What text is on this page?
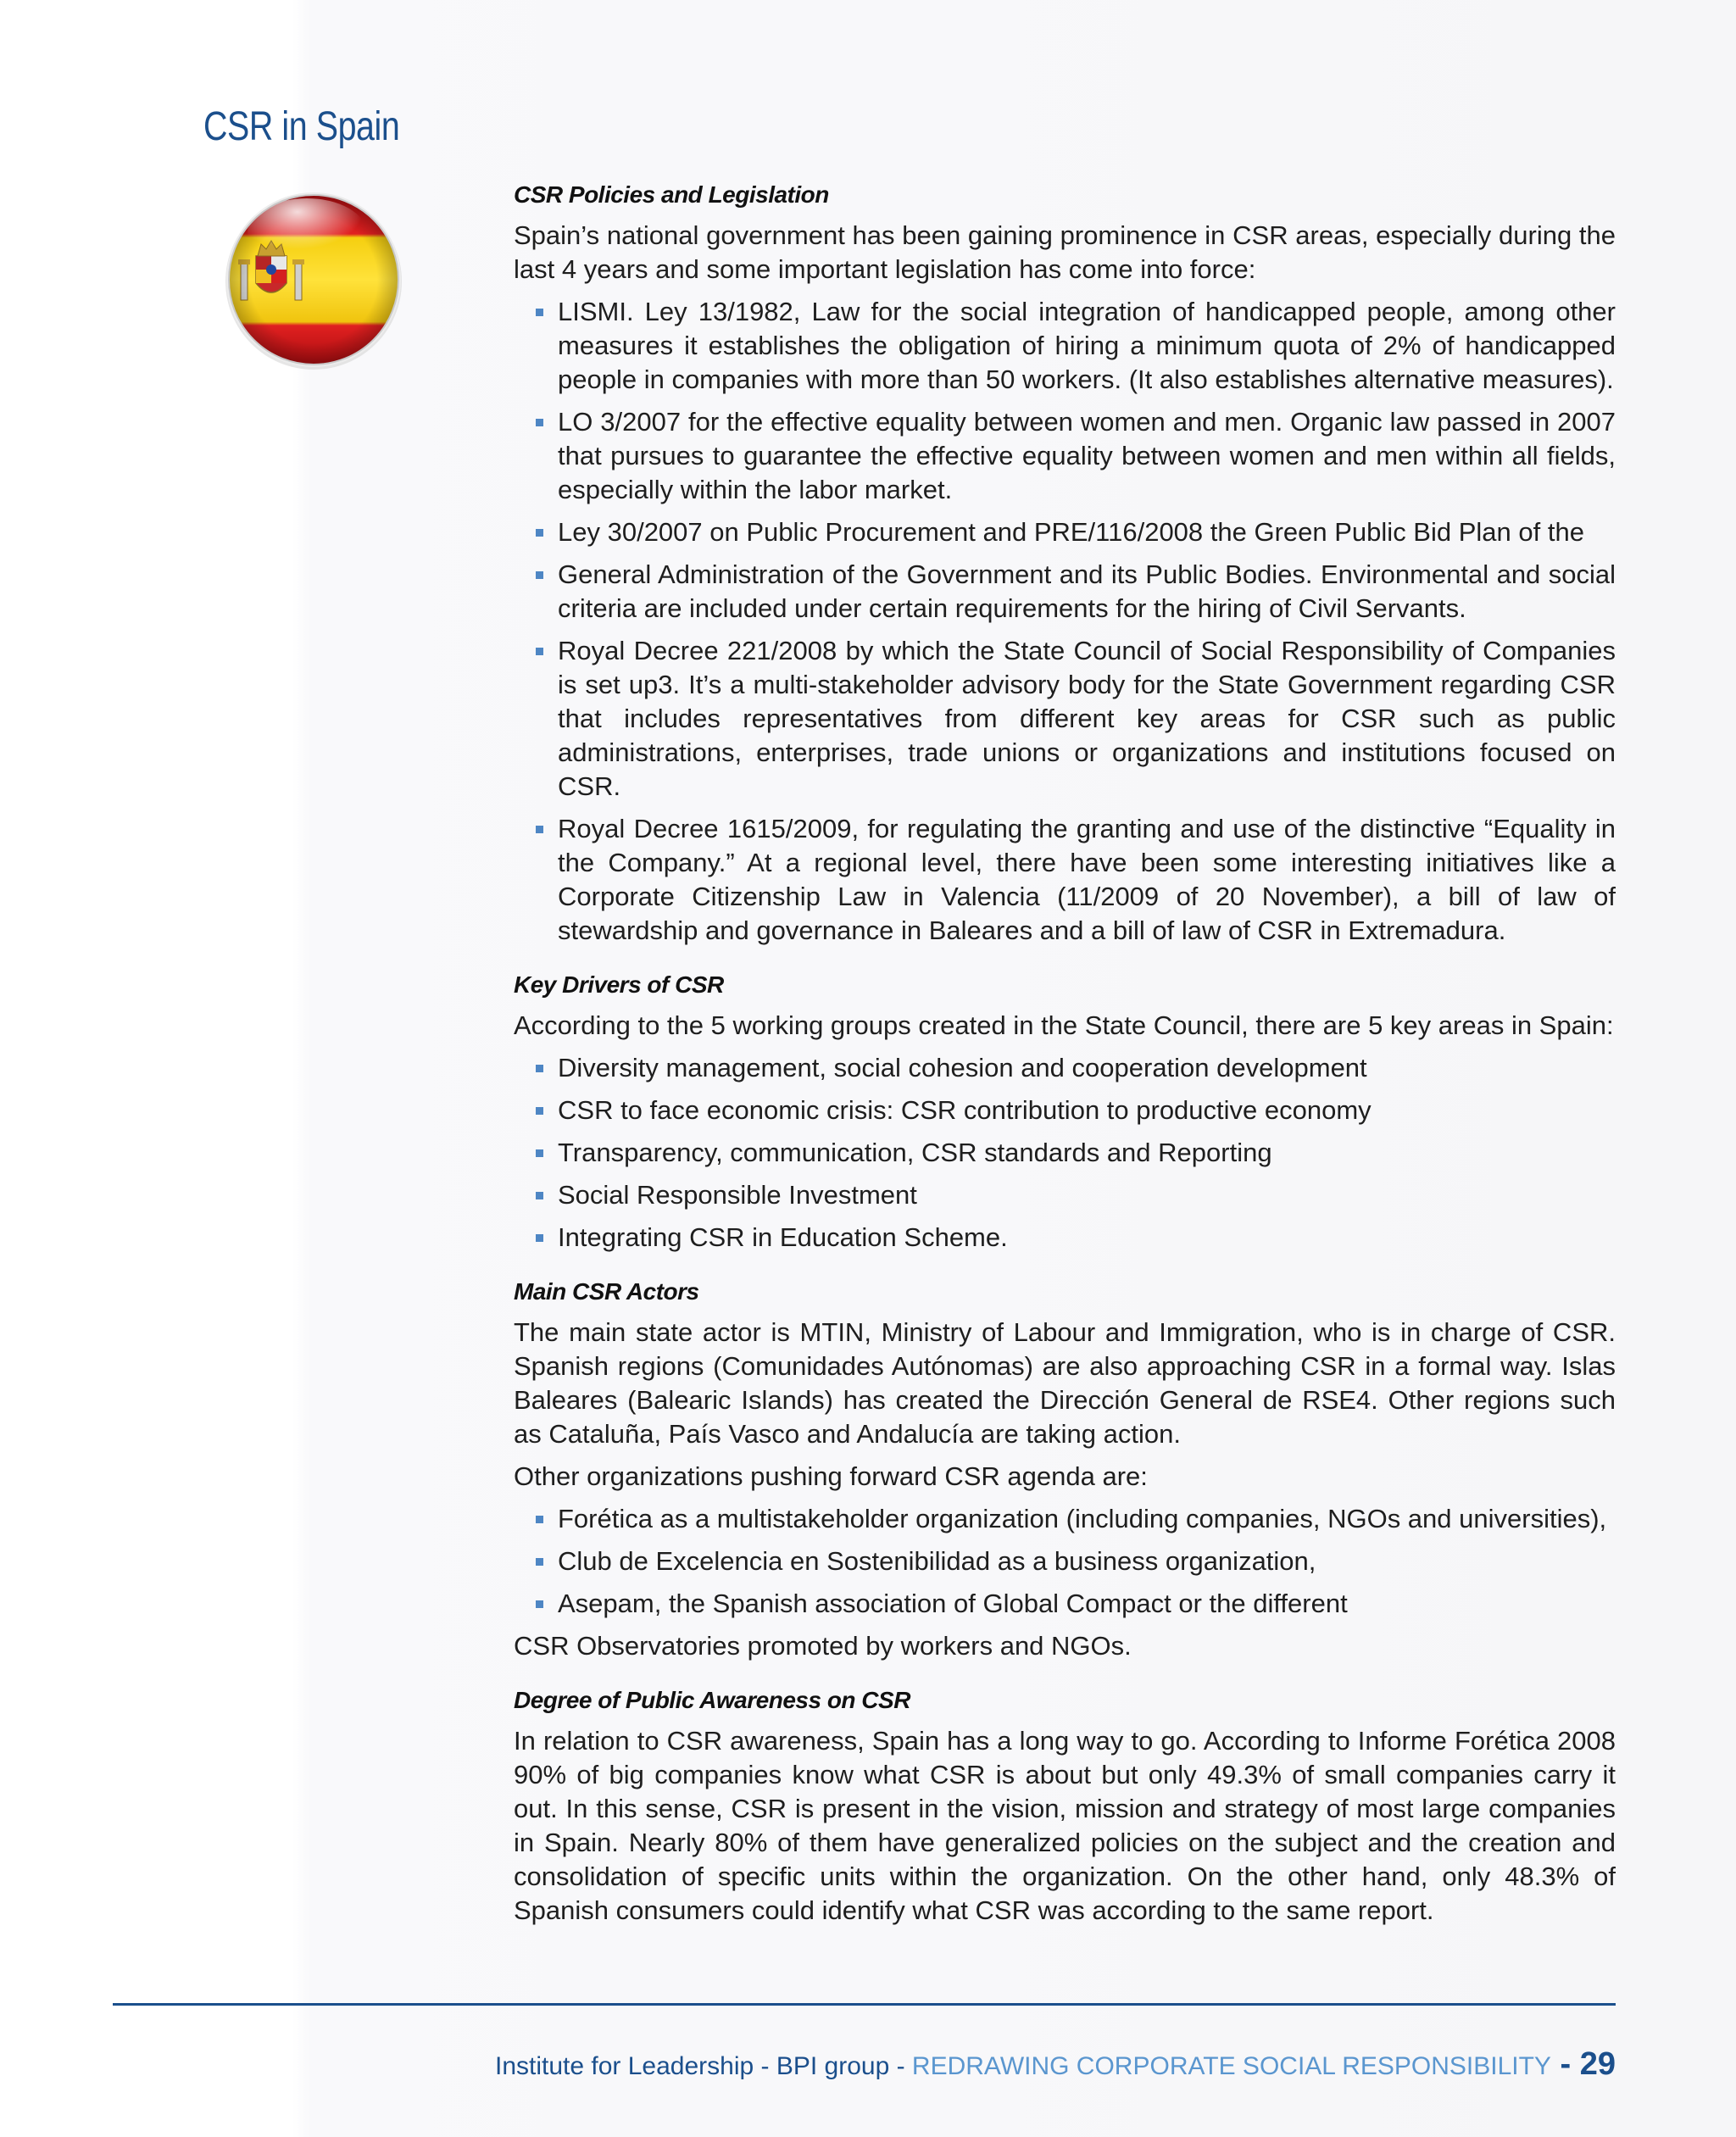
CSR in Spain
CSR Policies and Legislation

Spain’s national government has been gaining prominence in CSR areas, especially during the last 4 years and some important legislation has come into force:

LISMI. Ley 13/1982, Law for the social integration of handicapped people, among other measures it establishes the obligation of hiring a minimum quota of 2% of handicapped people in companies with more than 50 workers. (It also establishes alternative measures).
LO 3/2007 for the effective equality between women and men. Organic law passed in 2007 that pursues to guarantee the effective equality between women and men within all fields, especially within the labor market.
Ley 30/2007 on Public Procurement and PRE/116/2008 the Green Public Bid Plan of the
General Administration of the Government and its Public Bodies. Environmental and social criteria are included under certain requirements for the hiring of Civil Servants.
Royal Decree 221/2008 by which the State Council of Social Responsibility of Companies is set up3. It’s a multi-stakeholder advisory body for the State Government regarding CSR that includes representatives from different key areas for CSR such as public administrations, enterprises, trade unions or organizations and institutions focused on CSR.
Royal Decree 1615/2009, for regulating the granting and use of the distinctive “Equality in the Company.” At a regional level, there have been some interesting initiatives like a Corporate Citizenship Law in Valencia (11/2009 of 20 November), a bill of law of stewardship and governance in Baleares and a bill of law of CSR in Extremadura.
Key Drivers of CSR

According to the 5 working groups created in the State Council, there are 5 key areas in Spain:

Diversity management, social cohesion and cooperation development
CSR to face economic crisis: CSR contribution to productive economy
Transparency, communication, CSR standards and Reporting
Social Responsible Investment
Integrating CSR in Education Scheme.
Main CSR Actors

The main state actor is MTIN, Ministry of Labour and Immigration, who is in charge of CSR. Spanish regions (Comunidades Autónomas) are also approaching CSR in a formal way. Islas Baleares (Balearic Islands) has created the Dirección General de RSE4. Other regions such as Cataluña, País Vasco and Andalucía are taking action.

Other organizations pushing forward CSR agenda are:

Forética as a multistakeholder organization (including companies, NGOs and universities),
Club de Excelencia en Sostenibilidad as a business organization,
Asepam, the Spanish association of Global Compact or the different

CSR Observatories promoted by workers and NGOs.

Degree of Public Awareness on CSR

In relation to CSR awareness, Spain has a long way to go. According to Informe Forética 2008 90% of big companies know what CSR is about but only 49.3% of small companies carry it out. In this sense, CSR is present in the vision, mission and strategy of most large companies in Spain. Nearly 80% of them have generalized policies on the subject and the creation and consolidation of specific units within the organization. On the other hand, only 48.3% of Spanish consumers could identify what CSR was according to the same report.

Institute for Leadership - BPI group - REDRAWING CORPORATE SOCIAL RESPONSIBILITY - 29
